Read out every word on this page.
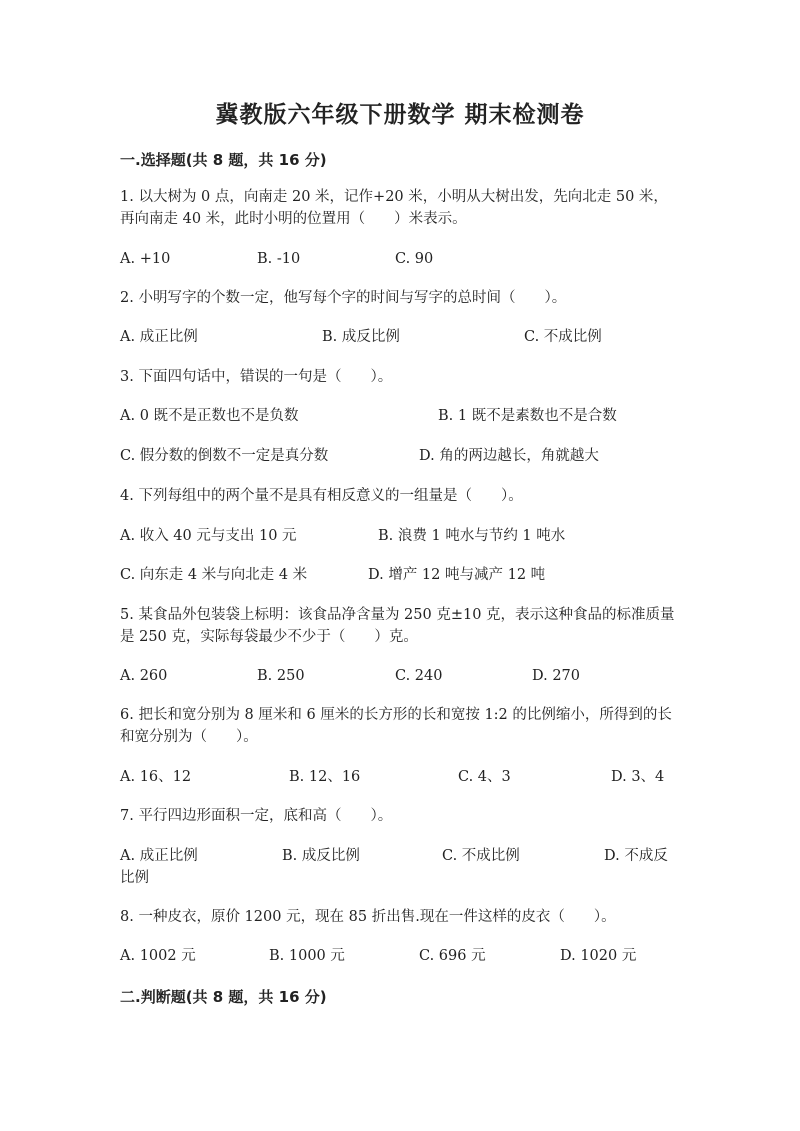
冀教版六年级下册数学 期末检测卷
一.选择题(共 8 题，共 16 分)
1. 以大树为 0 点，向南走 20 米，记作+20 米，小明从大树出发，先向北走 50 米，再向南走 40 米，此时小明的位置用（　　）米表示。
A. +10	B. -10	C. 90
2. 小明写字的个数一定，他写每个字的时间与写字的总时间（　　）。
A. 成正比例	B. 成反比例	C. 不成比例
3. 下面四句话中，错误的一句是（　　）。
A. 0 既不是正数也不是负数	B. 1 既不是素数也不是合数
C. 假分数的倒数不一定是真分数	D. 角的两边越长，角就越大
4. 下列每组中的两个量不是具有相反意义的一组量是（　　）。
A. 收入 40 元与支出 10 元	B. 浪费 1 吨水与节约 1 吨水
C. 向东走 4 米与向北走 4 米	D. 增产 12 吨与减产 12 吨
5. 某食品外包装袋上标明：该食品净含量为 250 克±10 克，表示这种食品的标准质量是 250 克，实际每袋最少不少于（　　）克。
A. 260	B. 250	C. 240	D. 270
6. 把长和宽分别为 8 厘米和 6 厘米的长方形的长和宽按 1:2 的比例缩小，所得到的长和宽分别为（　　）。
A. 16、12	B. 12、16	C. 4、3	D. 3、4
7. 平行四边形面积一定，底和高（　　）。
A. 成正比例	B. 成反比例	C. 不成比例	D. 不成反
比例
8. 一种皮衣，原价 1200 元，现在 85 折出售.现在一件这样的皮衣（　　）。
A. 1002 元	B. 1000 元	C. 696 元	D. 1020 元
二.判断题(共 8 题，共 16 分)
